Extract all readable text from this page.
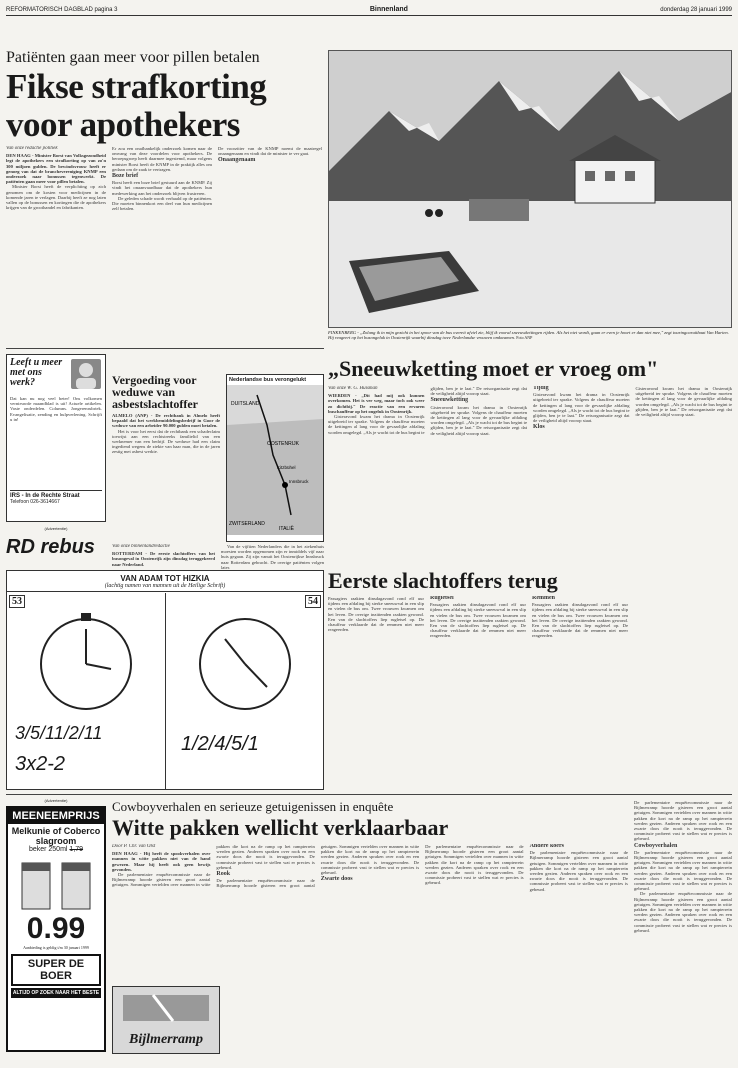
REFORMATORISCH DAGBLAD pagina 3	Binnenland	donderdag 28 januari 1999
Patiënten gaan meer voor pillen betalen
Fikse strafkorting
voor apothekers
Van onze redactie politiek

DEN HAAG - Minister Borst van Volksgezondheid legt de apothekers een strafkorting op van zo'n 300 miljoen gulden. De bewindsvrouw heeft er genoeg van dat de branchevereniging KNMP een onderzoek naar bonussen tegenwerkt. De patiënten gaan meer voor pillen betalen.

Minister Borst heeft de verplichting op zich genomen om de kosten voor medicijnen in de komende jaren te verlagen. Daarbij heeft ze nog laten vallen op de bonussen en kortingen die de apothekers krijgen van de groothandel en fabrikanten.

Er zou een onafhankelijk onderzoek komen naar de omvang van deze voordelen voor apothekers. De beroepsgroep heeft daarmee ingestemd, maar volgens minister Borst heeft de KNMP in de praktijk alles om gedaan om de zaak te vertragen.

Boze brief

Borst heeft een boze brief gestuurd aan de KNMP. Zij vindt het onaanvaardbaar dat de apothekers hun medewerking aan het onderzoek blijven frustreren.

De geleden schade wordt verhaald op de patiënten. Die moeten binnenkort een deel van hun medicijnen zelf betalen.

De voorzitter van de KNMP noemt de maatregel onaangenaam en vindt dat de minister te ver gaat.

Onaangenaam
FINKENBERG - „Zolang ik in mijn gezicht in het spoor van de bus overeit afviel zie, blijf ik vooral sneeuwkettingen rijden. Als het niet wordt, gaan er even je hoort er dan niet mee," zegt touringcaruitbaat Van Harten. Hij reageert op het busongeluk in Oostenrijk waarbij dinsdag twee Nederlandse vrouwen omkwamen. Foto ANP
Leeft u meer met ons werk?
Dat kan nu nog veel beter! Ons volkomen vernieuwde maandblad is uit! Actuele artikelen. Vaste onderdelen. Columns. Jongerenrubriek. Evangelisatie, zending en hulpverlening. Schrijft u in!
IRS - In de Rechte Straat
Telefoon 026-3614667
Vergoeding voor weduwe van asbestslachtoffer

ALMELO (ANP) - De rechtbank in Almelo heeft bepaald dat het werkbemiddelingsbedrijf in Goor de weduwe van een arbeider 90.000 gulden moet betalen.

Het is voor het eerst dat de rechtbank een schadeclaim toewijst aan een rechtstreeks familielid van een werknemer van een bedrijf. De weduwe had een claim ingediend wegens de ziekte van haar man, die in de jaren zestig met asbest werkte.

Nederlandse bus verongelukt
DUITSLAND
ZWITSERLAND
OOSTENRIJK
Innsbruck
Kitzbühel
ITALIË
Van onze binnenlandredactie

ROTTERDAM - De eerste slachtoffers van het busongeval in Oostenrijk zijn dinsdag teruggekeerd naar Nederland.

Van de vijftien Nederlanders die in het ziekenhuis moesten worden opgenomen zijn er inmiddels vijf naar huis gegaan. Zij zijn vanuit het Oostenrijkse Innsbruck naar Rotterdam gebracht. De overige patiënten volgen later.

(Advertentie)
RD rebus
VAN ADAM TOT HIZKIA
(lachtig namen van mannen uit de Heilige Schrift)
53
3/5/11/2/11
3x2-2
54
1/2/4/5/1
„Sneeuwketting moet er vroeg om"
Van onze W. G. Huisman

WIERDEN - „Dit had mij ook kunnen overkomen. Het is ver weg, maar toch ook weer zo dichtbij." De reactie van een ervaren buschauffeur op het ongeluk in Oostenrijk.

Gisteravond kwam het drama in Oostenrijk uitgebreid ter sprake. Volgens de chauffeur moeten de kettingen al lang voor de gevaarlijke afdaling worden omgelegd. „Als je wacht tot de bus begint te glijden, ben je te laat." De reisorganisatie zegt dat de veiligheid altijd voorop staat.

Sneeuwketting

Gisteravond kwam het drama in Oostenrijk uitgebreid ter sprake. Volgens de chauffeur moeten de kettingen al lang voor de gevaarlijke afdaling worden omgelegd. „Als je wacht tot de bus begint te glijden, ben je te laat." De reisorganisatie zegt dat de veiligheid altijd voorop staat.

Tijdig

Gisteravond kwam het drama in Oostenrijk uitgebreid ter sprake. Volgens de chauffeur moeten de kettingen al lang voor de gevaarlijke afdaling worden omgelegd. „Als je wacht tot de bus begint te glijden, ben je te laat." De reisorganisatie zegt dat de veiligheid altijd voorop staat.

Klos

Gisteravond kwam het drama in Oostenrijk uitgebreid ter sprake. Volgens de chauffeur moeten de kettingen al lang voor de gevaarlijke afdaling worden omgelegd. „Als je wacht tot de bus begint te glijden, ben je te laat." De reisorganisatie zegt dat de veiligheid altijd voorop staat.

Eerste slachtoffers terug

Passagiers raakten dinsdagavond rond elf uur tijdens een afdaling bij sterke sneeuwval in een slip en vielen de bus om. Twee vrouwen kwamen om het leven. De overige inzittenden raakten gewond. Een van de slachtoffers liep rugletsel op. De chauffeur verklaarde dat de remmen niet meer reageerden.

Rugletsel

Passagiers raakten dinsdagavond rond elf uur tijdens een afdaling bij sterke sneeuwval in een slip en vielen de bus om. Twee vrouwen kwamen om het leven. De overige inzittenden raakten gewond. Een van de slachtoffers liep rugletsel op. De chauffeur verklaarde dat de remmen niet meer reageerden.

Remmen

Passagiers raakten dinsdagavond rond elf uur tijdens een afdaling bij sterke sneeuwval in een slip en vielen de bus om. Twee vrouwen kwamen om het leven. De overige inzittenden raakten gewond. Een van de slachtoffers liep rugletsel op. De chauffeur verklaarde dat de remmen niet meer reageerden.

(Advertentie)
MEENEEMPRIJS
Melkunie of Coberco
slagroom
beker 250ml 1,79
0.99
Aanbieding is geldig t/m 30 januari 1999
SUPER DE BOER
ALTIJD OP ZOEK NAAR HET BESTE
Cowboyverhalen en serieuze getuigenissen in enquête
Witte pakken wellicht verklaarbaar
Door P. Chr. van Olst

DEN HAAG - Hij heeft de spookverhalen over mannen in witte pakken niet van de hand gewezen. Maar hij heeft ook geen bewijs gevonden.

De parlementaire enquêtecommissie naar de Bijlmerramp hoorde gisteren een groot aantal getuigen. Sommigen vertelden over mannen in witte pakken die kort na de ramp op het rampterrein werden gezien. Anderen spraken over rook en een zwarte doos die nooit is teruggevonden. De commissie probeert vast te stellen wat er precies is gebeurd.

Rook

De parlementaire enquêtecommissie naar de Bijlmerramp hoorde gisteren een groot aantal getuigen. Sommigen vertelden over mannen in witte pakken die kort na de ramp op het rampterrein werden gezien. Anderen spraken over rook en een zwarte doos die nooit is teruggevonden. De commissie probeert vast te stellen wat er precies is gebeurd.

Zwarte doos

De parlementaire enquêtecommissie naar de Bijlmerramp hoorde gisteren een groot aantal getuigen. Sommigen vertelden over mannen in witte pakken die kort na de ramp op het rampterrein werden gezien. Anderen spraken over rook en een zwarte doos die nooit is teruggevonden. De commissie probeert vast te stellen wat er precies is gebeurd.

Andere koers

De parlementaire enquêtecommissie naar de Bijlmerramp hoorde gisteren een groot aantal getuigen. Sommigen vertelden over mannen in witte pakken die kort na de ramp op het rampterrein werden gezien. Anderen spraken over rook en een zwarte doos die nooit is teruggevonden. De commissie probeert vast te stellen wat er precies is gebeurd.

De parlementaire enquêtecommissie naar de Bijlmerramp hoorde gisteren een groot aantal getuigen. Sommigen vertelden over mannen in witte pakken die kort na de ramp op het rampterrein werden gezien. Anderen spraken over rook en een zwarte doos die nooit is teruggevonden. De commissie probeert vast te stellen wat er precies is gebeurd.

Cowboyverhalen

De parlementaire enquêtecommissie naar de Bijlmerramp hoorde gisteren een groot aantal getuigen. Sommigen vertelden over mannen in witte pakken die kort na de ramp op het rampterrein werden gezien. Anderen spraken over rook en een zwarte doos die nooit is teruggevonden. De commissie probeert vast te stellen wat er precies is gebeurd.

De parlementaire enquêtecommissie naar de Bijlmerramp hoorde gisteren een groot aantal getuigen. Sommigen vertelden over mannen in witte pakken die kort na de ramp op het rampterrein werden gezien. Anderen spraken over rook en een zwarte doos die nooit is teruggevonden. De commissie probeert vast te stellen wat er precies is gebeurd.

Bijlmerramp
